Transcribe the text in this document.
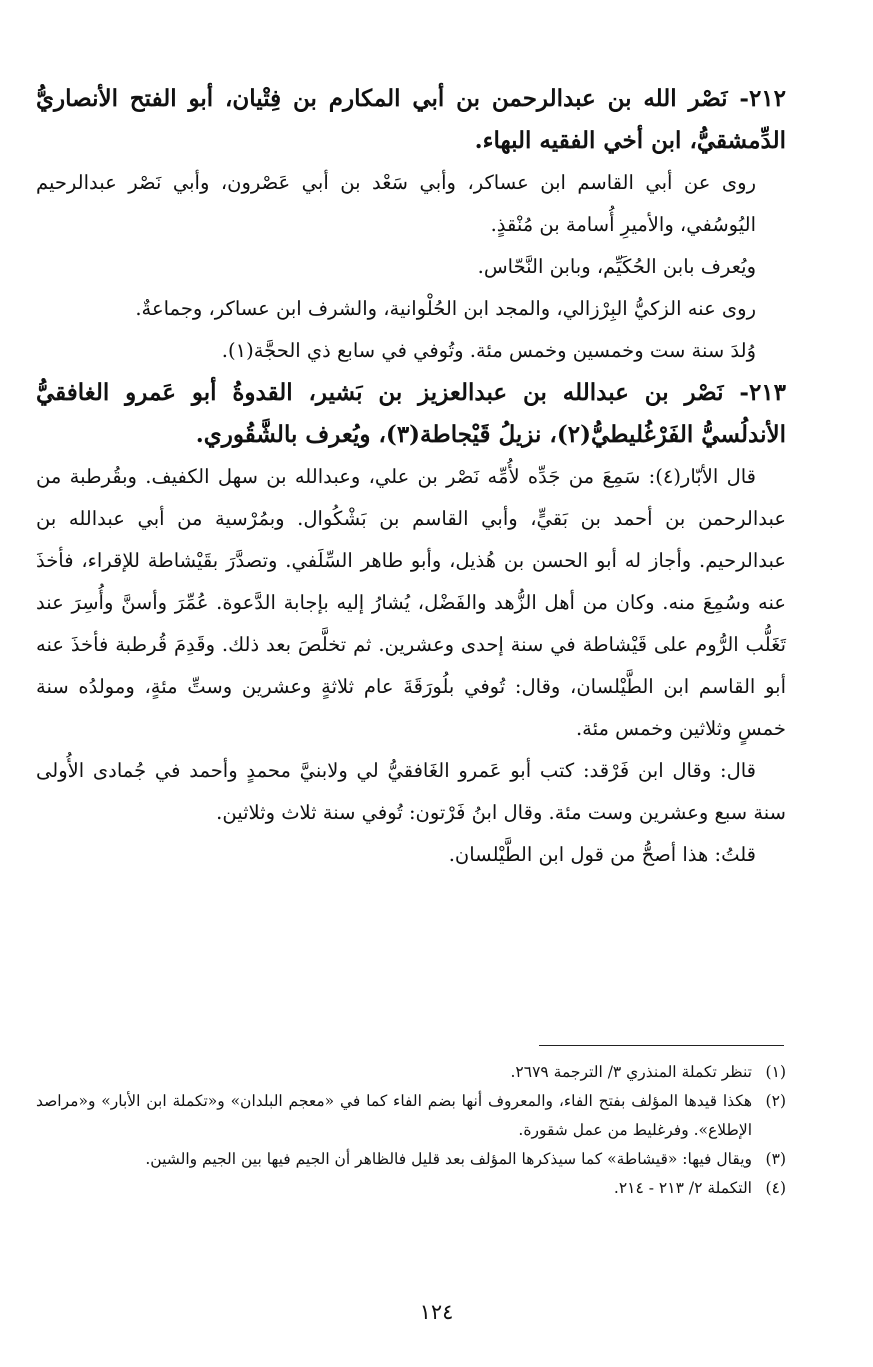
٢١٢- نَصْر الله بن عبدالرحمن بن أبي المكارم بن فِتْيان، أبو الفتح الأنصاريُّ الدِّمشقيُّ، ابن أخي الفقيه البهاء.

روى عن أبي القاسم ابن عساكر، وأبي سَعْد بن أبي عَصْرون، وأبي نَصْر عبدالرحيم اليُوسُفي، والأميرِ أُسامة بن مُنْقذٍ.

ويُعرف بابن الحُكَيِّم، وبابن النَّحّاس.

روى عنه الزكيُّ البِرْزالي، والمجد ابن الحُلْوانية، والشرف ابن عساكر، وجماعةٌ.

وُلدَ سنة ست وخمسين وخمس مئة. وتُوفي في سابع ذي الحجَّة(١).

٢١٣- نَصْر بن عبدالله بن عبدالعزيز بن بَشير، القدوةُ أبو عَمرو الغافقيُّ الأندلُسيُّ الفَرْغُليطيُّ(٢)، نزيلُ قَيْجاطة(٣)، ويُعرف بالشَّقُوري.

قال الأبّار(٤): سَمِعَ من جَدِّه لأُمِّه نَصْر بن علي، وعبدالله بن سهل الكفيف. وبقُرطبة من عبدالرحمن بن أحمد بن بَقيٍّ، وأبي القاسم بن بَشْكُوال. وبمُرْسية من أبي عبدالله بن عبدالرحيم. وأجاز له أبو الحسن بن هُذيل، وأبو طاهر السِّلَفي. وتصدَّرَ بقَيْشاطة للإقراء، فأخذَ عنه وسُمِعَ منه. وكان من أهل الزُّهد والفَضْل، يُشارُ إليه بإجابة الدَّعوة. عُمِّرَ وأسنَّ وأُسِرَ عند تَغَلُّب الرُّوم على قَيْشاطة في سنة إحدى وعشرين. ثم تخلَّصَ بعد ذلك. وقَدِمَ قُرطبة فأخذَ عنه أبو القاسم ابن الطَّيْلسان، وقال: تُوفي بلُورَقَةَ عام ثلاثةٍ وعشرين وستِّ مئةٍ، ومولدُه سنة خمسٍ وثلاثين وخمس مئة.

قال: وقال ابن فَرْقد: كتب أبو عَمرو الغَافقيُّ لي ولابنيَّ محمدٍ وأحمد في جُمادى الأُولى سنة سبع وعشرين وست مئة. وقال ابنُ فَرْتون: تُوفي سنة ثلاث وثلاثين.

قلتُ: هذا أصحُّ من قول ابن الطَّيْلسان.

(١)
تنظر تكملة المنذري ٣/ الترجمة ٢٦٧٩.
(٢)
هكذا قيدها المؤلف بفتح الفاء، والمعروف أنها بضم الفاء كما في «معجم البلدان» و«تكملة ابن الأبار» و«مراصد الإطلاع». وفرغليط من عمل شقورة.
(٣)
ويقال فيها: «قيشاطة» كما سيذكرها المؤلف بعد قليل فالظاهر أن الجيم فيها بين الجيم والشين.
(٤)
التكملة ٢/ ٢١٣ - ٢١٤.
١٢٤
